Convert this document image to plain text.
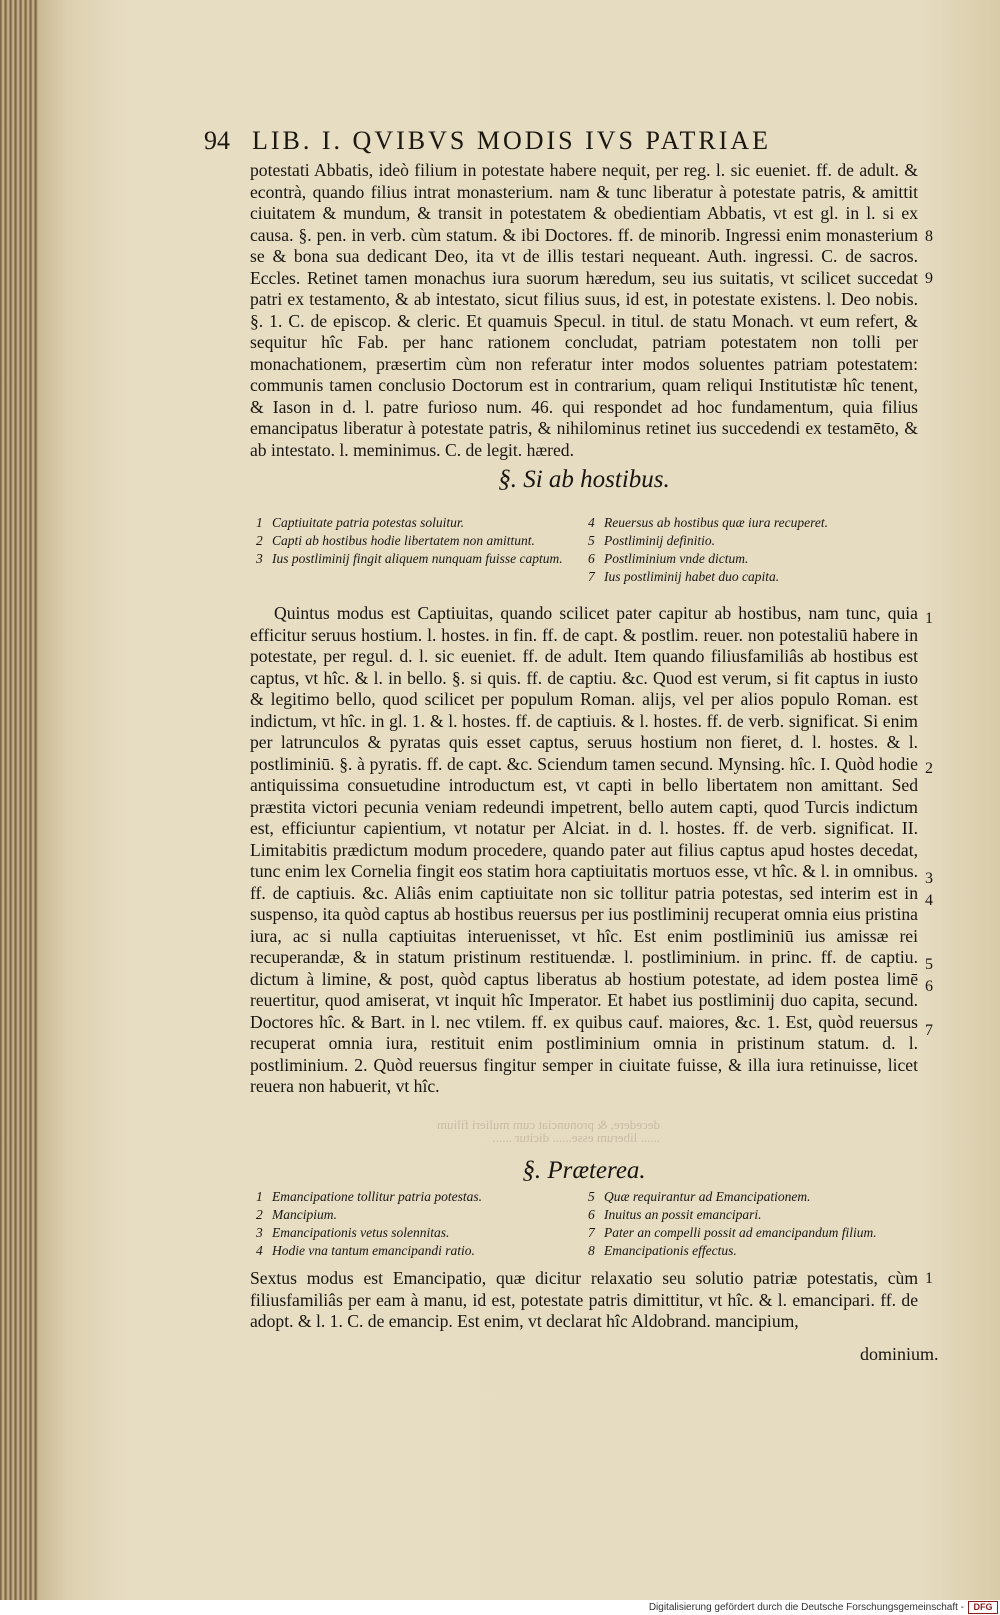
94 LIB. I. QVIBVS MODIS IVS PATRIAE

potestati Abbatis, ideò filium in potestate habere nequit, per reg. l. sic eueniet. ff. de adult. & econtrà, quando filius intrat monasterium. nam & tunc liberatur à potestate patris, & amittit ciuitatem & mundum, & transit in potestatem & obedientiam Abbatis, vt est gl. in l. si ex causa. §. pen. in verb. cùm statum. & ibi Doctores. ff. de minorib. Ingressi enim monasterium se & bona sua dedicant Deo, ita vt de illis testari nequeant. Auth. ingressi. C. de sacros. Eccles. Retinet tamen monachus iura suorum hæredum, seu ius suitatis, vt scilicet succedat patri ex testamento, & ab intestato, sicut filius suus, id est, in potestate existens. l. Deo nobis. §. 1. C. de episcop. & cleric. Et quamuis Specul. in titul. de statu Monach. vt eum refert, & sequitur hîc Fab. per hanc rationem concludat, patriam potestatem non tolli per monachationem, præsertim cùm non referatur inter modos soluentes patriam potestatem: communis tamen conclusio Doctorum est in contrarium, quam reliqui Institutistæ hîc tenent, & Iason in d. l. patre furioso num. 46. qui respondet ad hoc fundamentum, quia filius emancipatus liberatur à potestate patris, & nihilominus retinet ius succedendi ex testamēto, & ab intestato. l. meminimus. C. de legit. hæred.

§. Si ab hostibus.
1 Captiuitate patria potestas soluitur.
2 Capti ab hostibus hodie libertatem non amittunt.
3 Ius postliminij fingit aliquem nunquam fuisse captum.
4 Reuersus ab hostibus quæ iura recuperet.
5 Postliminij definitio.
6 Postliminium vnde dictum.
7 Ius postliminij habet duo capita.

Quintus modus est Captiuitas, quando scilicet pater capitur ab hostibus, nam tunc, quia efficitur seruus hostium. l. hostes. in fin. ff. de capt. & postlim. reuer. non potestaliū habere in potestate, per regul. d. l. sic eueniet. ff. de adult. Item quando filiusfamiliâs ab hostibus est captus, vt hîc. & l. in bello. §. si quis. ff. de captiu. &c. Quod est verum, si fit captus in iusto & legitimo bello, quod scilicet per populum Roman. alijs, vel per alios populo Roman. est indictum, vt hîc. in gl. 1. & l. hostes. ff. de captiuis. & l. hostes. ff. de verb. significat. Si enim per latrunculos & pyratas quis esset captus, seruus hostium non fieret, d. l. hostes. & l. postliminiū. §. à pyratis. ff. de capt. &c. Sciendum tamen secund. Mynsing. hîc. I. Quòd hodie antiquissima consuetudine introductum est, vt capti in bello libertatem non amittant. Sed præstita victori pecunia veniam redeundi impetrent, bello autem capti, quod Turcis indictum est, efficiuntur capientium, vt notatur per Alciat. in d. l. hostes. ff. de verb. significat. II. Limitabitis prædictum modum procedere, quando pater aut filius captus apud hostes decedat, tunc enim lex Cornelia fingit eos statim hora captiuitatis mortuos esse, vt hîc. & l. in omnibus. ff. de captiuis. &c. Aliâs enim captiuitate non sic tollitur patria potestas, sed interim est in suspenso, ita quòd captus ab hostibus reuersus per ius postliminij recuperat omnia eius pristina iura, ac si nulla captiuitas interuenisset, vt hîc. Est enim postliminiū ius amissæ rei recuperandæ, & in statum pristinum restituendæ. l. postliminium. in princ. ff. de captiu. dictum à limine, & post, quòd captus liberatus ab hostium potestate, ad idem postea limē reuertitur, quod amiserat, vt inquit hîc Imperator. Et habet ius postliminij duo capita, secund. Doctores hîc. & Bart. in l. nec vtilem. ff. ex quibus cauf. maiores, &c. 1. Est, quòd reuersus recuperat omnia iura, restituit enim postliminium omnia in pristinum statum. d. l. postliminium. 2. Quòd reuersus fingitur semper in ciuitate fuisse, & illa iura retinuisse, licet reuera non habuerit, vt hîc.

decedere, & pronunciat cum mulieri filium
...... liberum esse...... dicitur ......
§. Præterea.
1 Emancipatione tollitur patria potestas.
2 Mancipium.
3 Emancipationis vetus solennitas.
4 Hodie vna tantum emancipandi ratio.
5 Quæ requirantur ad Emancipationem.
6 Inuitus an possit emancipari.
7 Pater an compelli possit ad emancipandum filium.
8 Emancipationis effectus.

Sextus modus est Emancipatio, quæ dicitur relaxatio seu solutio patriæ potestatis, cùm filiusfamiliâs per eam à manu, id est, potestate patris dimittitur, vt hîc. & l. emancipari. ff. de adopt. & l. 1. C. de emancip. Est enim, vt declarat hîc Aldobrand. mancipium,

dominium.
8
9
1
2
3
4
5
6
7
1
Digitalisierung gefördert durch die Deutsche Forschungsgemeinschaft -	DFG
